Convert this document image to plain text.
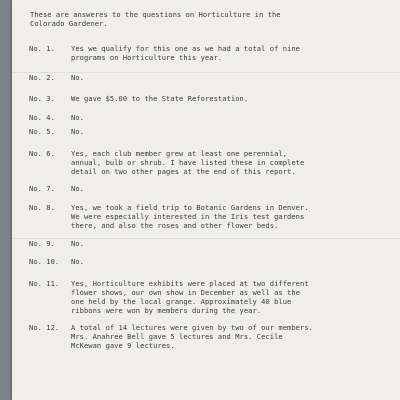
These are answeres to the questions on Horticulture in the
Colorado Gardener.

No. 1.	Yes we qualify for this one as we had a total of nine
programs on Horticulture this year.
No. 2.	No.
No. 3.	We gave $5.00 to the State Reforestation.
No. 4.	No.
No. 5.	No.
No. 6.	Yes, each club member grew at least one perennial,
annual, bulb or shrub. I have listed these in complete
detail on two other pages at the end of this report.
No. 7.	No.
No. 8.	Yes, we took a field trip to Botanic Gardens in Denver.
We were especially interested in the Iris test gardens
there, and also the roses and other flower beds.
No. 9.	No.
No. 10.	No.
No. 11.	Yes, Horticulture exhibits were placed at two different
flower shows, our own show in December as well as the
one held by the local grange. Approximately 40 blue
ribbons were won by members during the year.
No. 12.	A total of 14 lectures were given by two of our members.
Mrs. Anahree Bell gave 5 lectures and Mrs. Cecile
McKewan gave 9 lectures.
